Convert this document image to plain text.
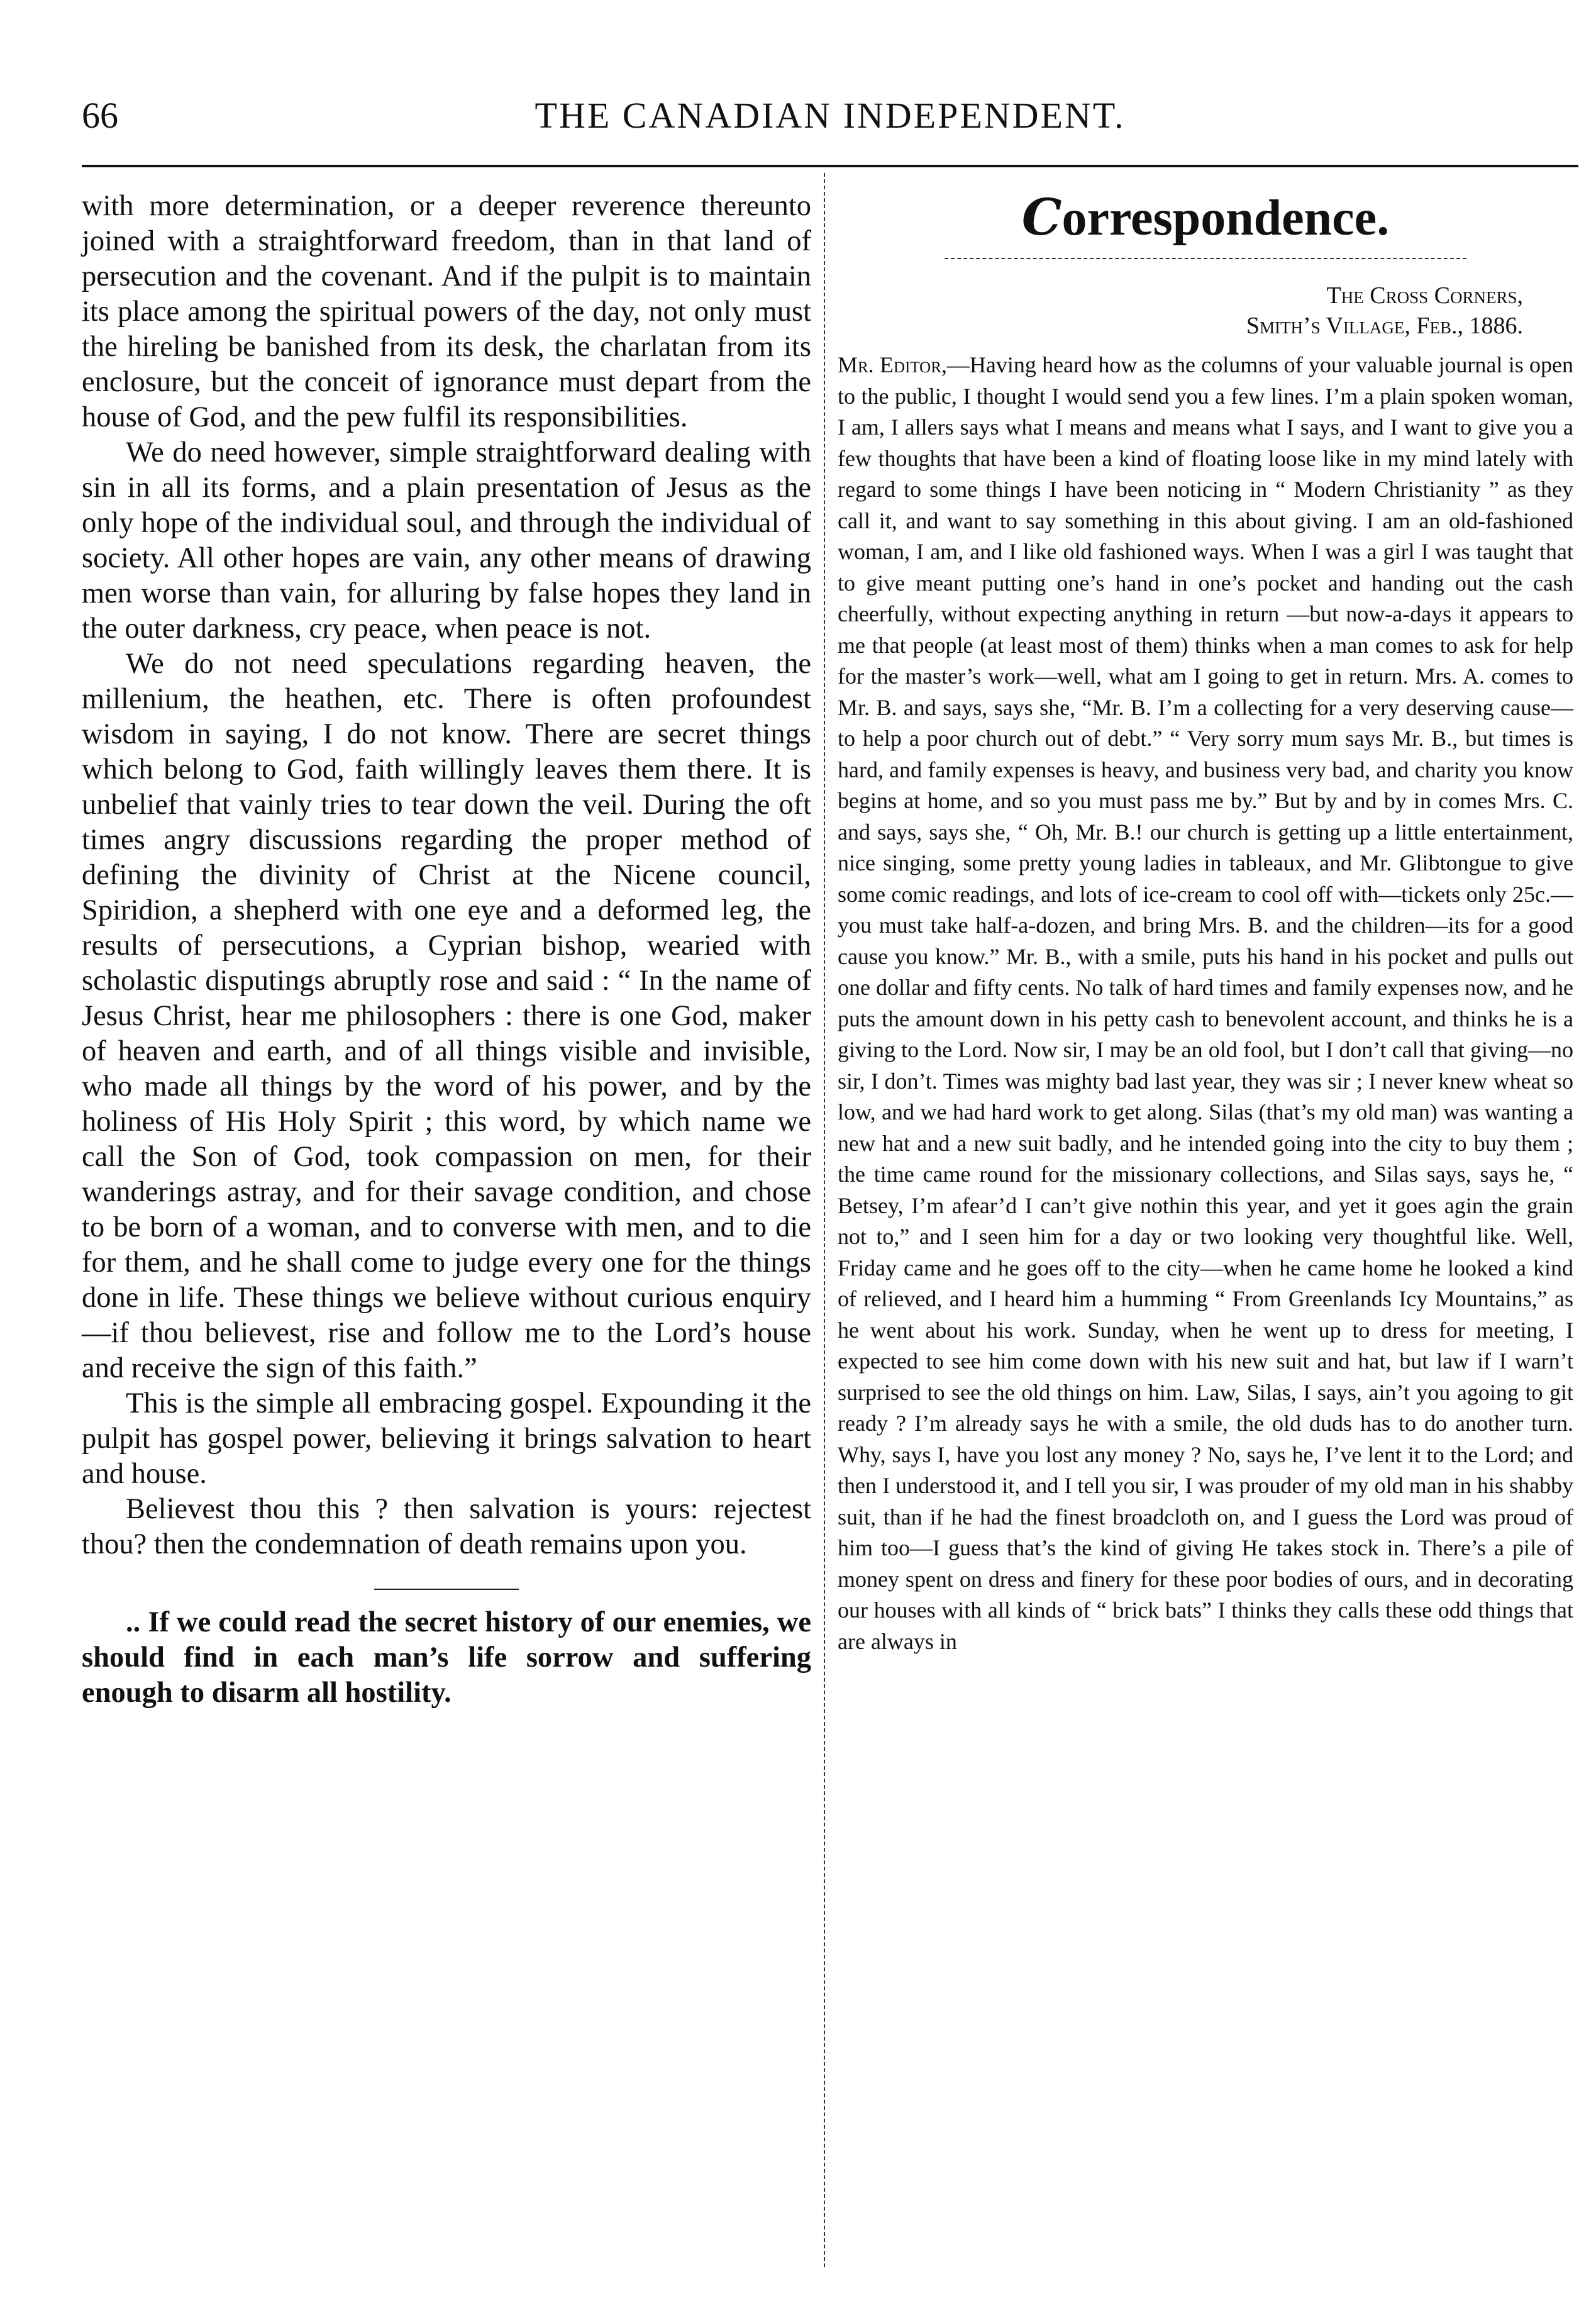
66	THE CANADIAN INDEPENDENT.

with more determination, or a deeper reverence thereunto joined with a straightforward freedom, than in that land of persecution and the covenant. And if the pulpit is to maintain its place among the spiritual powers of the day, not only must the hireling be banished from its desk, the charlatan from its enclosure, but the conceit of ignorance must depart from the house of God, and the pew fulfil its responsibilities.

We do need however, simple straightforward dealing with sin in all its forms, and a plain presentation of Jesus as the only hope of the individual soul, and through the individual of society. All other hopes are vain, any other means of drawing men worse than vain, for alluring by false hopes they land in the outer darkness, cry peace, when peace is not.

We do not need speculations regarding heaven, the millenium, the heathen, etc. There is often profoundest wisdom in saying, I do not know. There are secret things which belong to God, faith willingly leaves them there. It is unbelief that vainly tries to tear down the veil. During the oft times angry discussions regarding the proper method of defining the divinity of Christ at the Nicene council, Spiridion, a shepherd with one eye and a deformed leg, the results of persecutions, a Cyprian bishop, wearied with scholastic disputings abruptly rose and said : “ In the name of Jesus Christ, hear me philosophers : there is one God, maker of heaven and earth, and of all things visible and invisible, who made all things by the word of his power, and by the holiness of His Holy Spirit ; this word, by which name we call the Son of God, took compassion on men, for their wanderings astray, and for their savage condition, and chose to be born of a woman, and to converse with men, and to die for them, and he shall come to judge every one for the things done in life. These things we believe without curious enquiry—if thou believest, rise and follow me to the Lord’s house and receive the sign of this faith.”

This is the simple all embracing gospel. Expounding it the pulpit has gospel power, believing it brings salvation to heart and house.

Believest thou this ? then salvation is yours: rejectest thou? then the condemnation of death remains upon you.

.. If we could read the secret history of our enemies, we should find in each man’s life sorrow and suffering enough to disarm all hostility.

Correspondence.

The Cross Corners,

Smith’s Village, Feb., 1886.

Mr. Editor,—Having heard how as the columns of your valuable journal is open to the public, I thought I would send you a few lines. I’m a plain spoken woman, I am, I allers says what I means and means what I says, and I want to give you a few thoughts that have been a kind of floating loose like in my mind lately with regard to some things I have been noticing in “ Modern Christianity ” as they call it, and want to say something in this about giving. I am an old-fashioned woman, I am, and I like old fashioned ways. When I was a girl I was taught that to give meant putting one’s hand in one’s pocket and handing out the cash cheerfully, without expecting anything in return —but now-a-days it appears to me that people (at least most of them) thinks when a man comes to ask for help for the master’s work—well, what am I going to get in return. Mrs. A. comes to Mr. B. and says, says she, “Mr. B. I’m a collecting for a very deserving cause—to help a poor church out of debt.” “ Very sorry mum says Mr. B., but times is hard, and family expenses is heavy, and business very bad, and charity you know begins at home, and so you must pass me by.” But by and by in comes Mrs. C. and says, says she, “ Oh, Mr. B.! our church is getting up a little entertainment, nice singing, some pretty young ladies in tableaux, and Mr. Glibtongue to give some comic readings, and lots of ice-cream to cool off with—tickets only 25c.—you must take half-a-dozen, and bring Mrs. B. and the children—its for a good cause you know.” Mr. B., with a smile, puts his hand in his pocket and pulls out one dollar and fifty cents. No talk of hard times and family expenses now, and he puts the amount down in his petty cash to benevolent account, and thinks he is a giving to the Lord. Now sir, I may be an old fool, but I don’t call that giving—no sir, I don’t. Times was mighty bad last year, they was sir ; I never knew wheat so low, and we had hard work to get along. Silas (that’s my old man) was wanting a new hat and a new suit badly, and he intended going into the city to buy them ; the time came round for the missionary collections, and Silas says, says he, “ Betsey, I’m afear’d I can’t give nothin this year, and yet it goes agin the grain not to,” and I seen him for a day or two looking very thoughtful like. Well, Friday came and he goes off to the city—when he came home he looked a kind of relieved, and I heard him a humming “ From Greenlands Icy Mountains,” as he went about his work. Sunday, when he went up to dress for meeting, I expected to see him come down with his new suit and hat, but law if I warn’t surprised to see the old things on him. Law, Silas, I says, ain’t you agoing to git ready ? I’m already says he with a smile, the old duds has to do another turn. Why, says I, have you lost any money ? No, says he, I’ve lent it to the Lord; and then I understood it, and I tell you sir, I was prouder of my old man in his shabby suit, than if he had the finest broadcloth on, and I guess the Lord was proud of him too—I guess that’s the kind of giving He takes stock in. There’s a pile of money spent on dress and finery for these poor bodies of ours, and in decorating our houses with all kinds of “ brick bats” I thinks they calls these odd things that are always in
